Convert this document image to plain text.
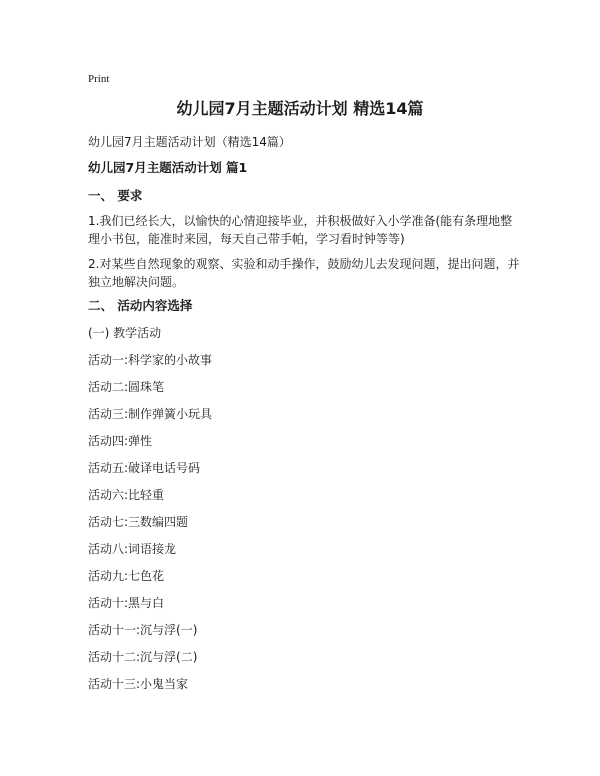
Print
幼儿园7月主题活动计划 精选14篇
幼儿园7月主题活动计划（精选14篇）
幼儿园7月主题活动计划 篇1
一、 要求
1.我们已经长大，以愉快的心情迎接毕业，并积极做好入小学准备(能有条理地整理小书包，能准时来园，每天自己带手帕，学习看时钟等等)
2.对某些自然现象的观察、实验和动手操作，鼓励幼儿去发现问题，提出问题，并独立地解决问题。
二、 活动内容选择
(一) 教学活动
活动一:科学家的小故事
活动二:圆珠笔
活动三:制作弹簧小玩具
活动四:弹性
活动五:破译电话号码
活动六:比轻重
活动七:三数编四题
活动八:词语接龙
活动九:七色花
活动十:黑与白
活动十一:沉与浮(一)
活动十二:沉与浮(二)
活动十三:小鬼当家
